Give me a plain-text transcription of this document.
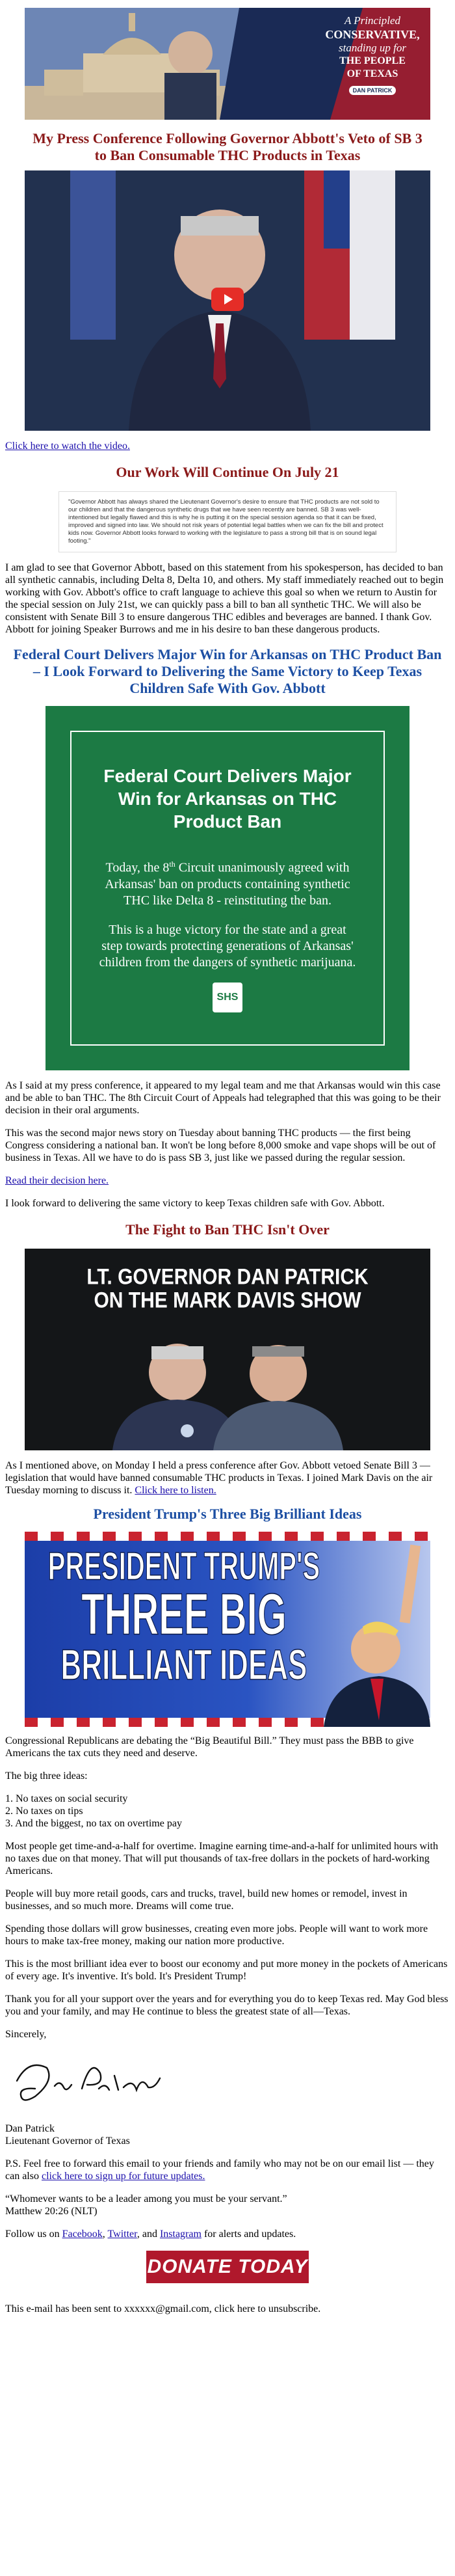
A Principled
CONSERVATIVE,
standing up for
THE PEOPLE
OF TEXAS
DAN PATRICK
My Press Conference Following Governor Abbott's Veto of SB 3 to Ban Consumable THC Products in Texas

Click here to watch the video.

Our Work Will Continue On July 21
"Governor Abbott has always shared the Lieutenant Governor's desire to ensure that THC products are not sold to our children and that the dangerous synthetic drugs that we have seen recently are banned. SB 3 was well-intentioned but legally flawed and this is why he is putting it on the special session agenda so that it can be fixed, improved and signed into law. We should not risk years of potential legal battles when we can fix the bill and protect kids now. Governor Abbott looks forward to working with the legislature to pass a strong bill that is on sound legal footing."

I am glad to see that Governor Abbott, based on this statement from his spokesperson, has decided to ban all synthetic cannabis, including Delta 8, Delta 10, and others. My staff immediately reached out to begin working with Gov. Abbott's office to craft language to achieve this goal so when we return to Austin for the special session on July 21st, we can quickly pass a bill to ban all synthetic THC. We will also be consistent with Senate Bill 3 to ensure dangerous THC edibles and beverages are banned. I thank Gov. Abbott for joining Speaker Burrows and me in his desire to ban these dangerous products.

Federal Court Delivers Major Win for Arkansas on THC Product Ban – I Look Forward to Delivering the Same Victory to Keep Texas Children Safe With Gov. Abbott
Federal Court Delivers Major Win for Arkansas on THC Product Ban
Today, the 8th Circuit unanimously agreed with Arkansas' ban on products containing synthetic THC like Delta 8 - reinstituting the ban.
This is a huge victory for the state and a great step towards protecting generations of Arkansas' children from the dangers of synthetic marijuana.
SHS

As I said at my press conference, it appeared to my legal team and me that Arkansas would win this case and be able to ban THC. The 8th Circuit Court of Appeals had telegraphed that this was going to be their decision in their oral arguments.

This was the second major news story on Tuesday about banning THC products — the first being Congress considering a national ban. It won't be long before 8,000 smoke and vape shops will be out of business in Texas. All we have to do is pass SB 3, just like we passed during the regular session.

Read their decision here.

I look forward to delivering the same victory to keep Texas children safe with Gov. Abbott.

The Fight to Ban THC Isn't Over
LT. GOVERNOR DAN PATRICK
ON THE MARK DAVIS SHOW

As I mentioned above, on Monday I held a press conference after Gov. Abbott vetoed Senate Bill 3 — legislation that would have banned consumable THC products in Texas. I joined Mark Davis on the air Tuesday morning to discuss it. Click here to listen.

President Trump's Three Big Brilliant Ideas
PRESIDENT TRUMP'S
THREE BIG
BRILLIANT IDEAS

Congressional Republicans are debating the “Big Beautiful Bill.” They must pass the BBB to give Americans the tax cuts they need and deserve.

The big three ideas:

1. No taxes on social security

2. No taxes on tips

3. And the biggest, no tax on overtime pay

Most people get time-and-a-half for overtime. Imagine earning time-and-a-half for unlimited hours with no taxes due on that money. That will put thousands of tax-free dollars in the pockets of hard-working Americans.

People will buy more retail goods, cars and trucks, travel, build new homes or remodel, invest in businesses, and so much more. Dreams will come true.

Spending those dollars will grow businesses, creating even more jobs. People will want to work more hours to make tax-free money, making our nation more productive.

This is the most brilliant idea ever to boost our economy and put more money in the pockets of Americans of every age. It's inventive. It's bold. It's President Trump!

Thank you for all your support over the years and for everything you do to keep Texas red. May God bless you and your family, and may He continue to bless the greatest state of all—Texas.

Sincerely,

Dan Patrick

Lieutenant Governor of Texas

P.S. Feel free to forward this email to your friends and family who may not be on our email list — they can also click here to sign up for future updates.

“Whomever wants to be a leader among you must be your servant.”

Matthew 20:26 (NLT)

Follow us on Facebook, Twitter, and Instagram for alerts and updates.

DONATE TODAY

This e-mail has been sent to xxxxxx@gmail.com, click here to unsubscribe.
